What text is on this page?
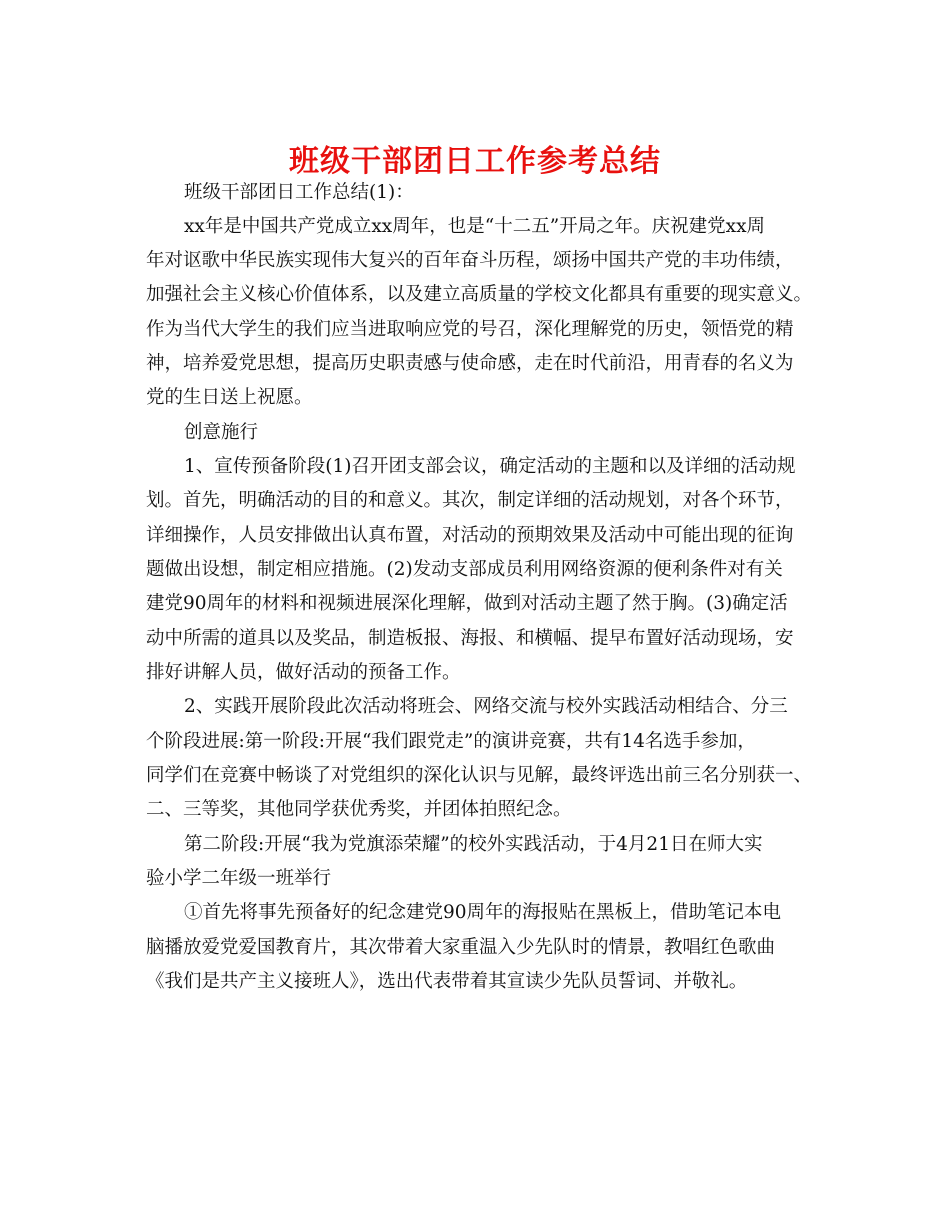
班级干部团日工作参考总结
班级干部团日工作总结(1)：
xx年是中国共产党成立xx周年，也是“十二五”开局之年。庆祝建党xx周
年对讴歌中华民族实现伟大复兴的百年奋斗历程，颂扬中国共产党的丰功伟绩，
加强社会主义核心价值体系，以及建立高质量的学校文化都具有重要的现实意义。
作为当代大学生的我们应当进取响应党的号召，深化理解党的历史，领悟党的精
神，培养爱党思想，提高历史职责感与使命感，走在时代前沿，用青春的名义为
党的生日送上祝愿。
创意施行
1、宣传预备阶段(1)召开团支部会议，确定活动的主题和以及详细的活动规
划。首先，明确活动的目的和意义。其次，制定详细的活动规划，对各个环节，
详细操作，人员安排做出认真布置，对活动的预期效果及活动中可能出现的征询
题做出设想，制定相应措施。(2)发动支部成员利用网络资源的便利条件对有关
建党90周年的材料和视频进展深化理解，做到对活动主题了然于胸。(3)确定活
动中所需的道具以及奖品，制造板报、海报、和横幅、提早布置好活动现场，安
排好讲解人员，做好活动的预备工作。
2、实践开展阶段此次活动将班会、网络交流与校外实践活动相结合、分三
个阶段进展:第一阶段:开展“我们跟党走”的演讲竞赛，共有14名选手参加，
同学们在竞赛中畅谈了对党组织的深化认识与见解，最终评选出前三名分别获一、
二、三等奖，其他同学获优秀奖，并团体拍照纪念。
第二阶段:开展“我为党旗添荣耀”的校外实践活动，于4月21日在师大实
验小学二年级一班举行
①首先将事先预备好的纪念建党90周年的海报贴在黑板上，借助笔记本电
脑播放爱党爱国教育片，其次带着大家重温入少先队时的情景，教唱红色歌曲
《我们是共产主义接班人》，选出代表带着其宣读少先队员誓词、并敬礼。
